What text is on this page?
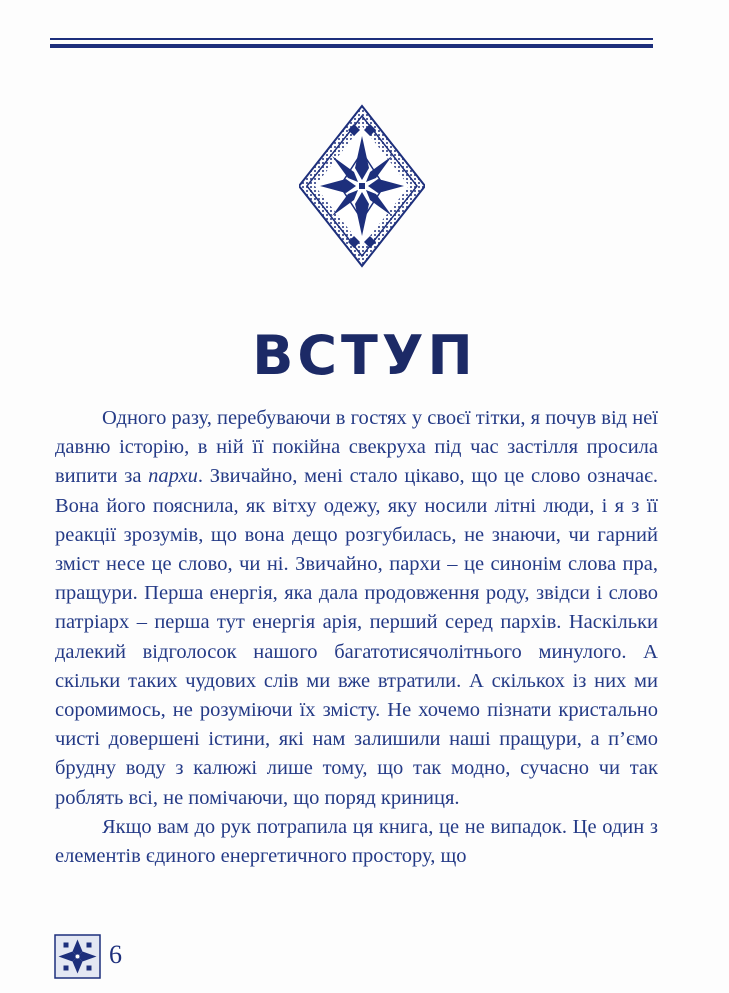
ВСТУП

Одного разу, перебуваючи в гостях у своєї тітки, я почув від неї давню історію, в ній її покійна свекруха під час застілля просила випити за пархи. Звичайно, мені стало цікаво, що це слово означає. Вона його пояснила, як вітху одежу, яку носили літні люди, і я з її реакції зрозумів, що вона дещо розгубилась, не знаючи, чи гарний зміст несе це слово, чи ні. Звичайно, пархи – це синонім слова пра, пращури. Перша енергія, яка дала продовження роду, звідси і слово патріарх – перша тут енергія арія, перший серед пархів. Наскільки далекий відголосок нашого багатотисячолітнього минулого. А скільки таких чудових слів ми вже втратили. А скількох із них ми соромимось, не розуміючи їх змісту. Не хочемо пізнати кристально чисті довершені істини, які нам залишили наші пращури, а п’ємо брудну воду з калюжі лише тому, що так модно, сучасно чи так роблять всі, не помічаючи, що поряд криниця.

Якщо вам до рук потрапила ця книга, це не випадок. Це один з елементів єдиного енергетичного простору, що

6
